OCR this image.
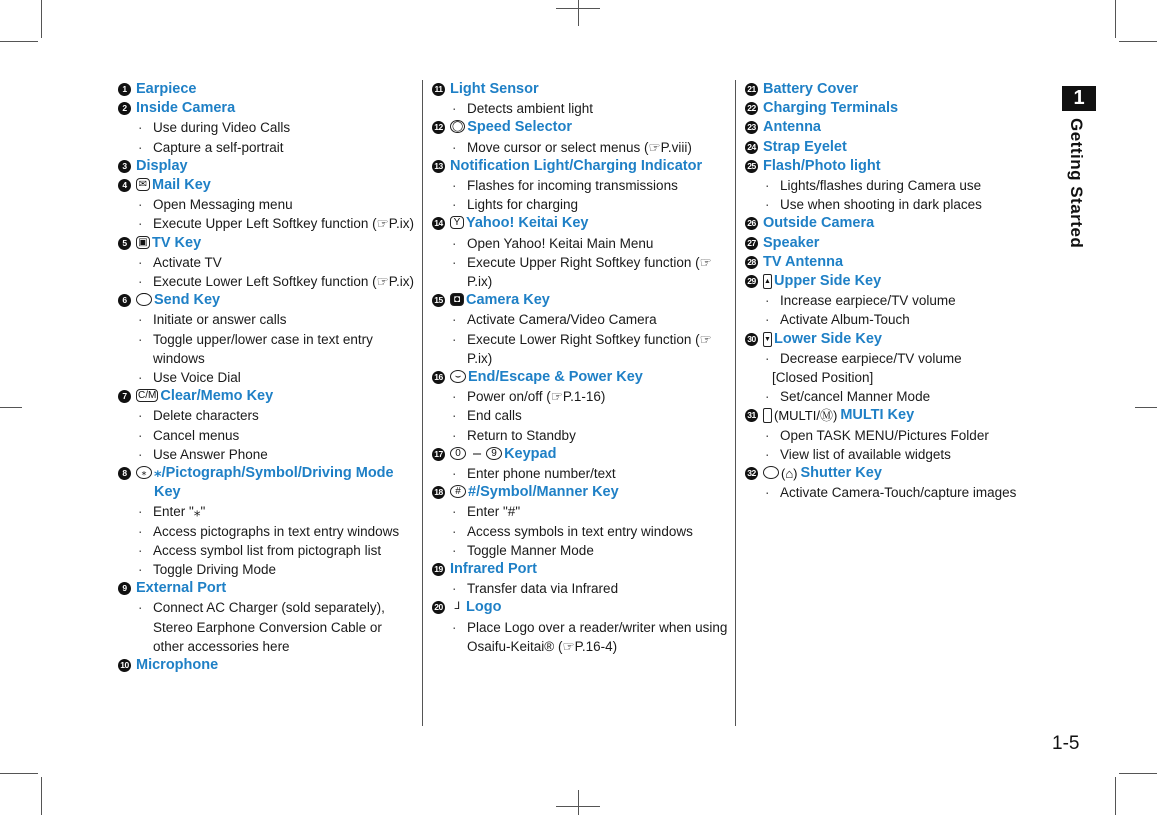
1 Earpiece
2 Inside Camera
· Use during Video Calls
· Capture a self-portrait
3 Display
4	✉ Mail Key
· Open Messaging menu
· Execute Upper Left Softkey function (☞P.ix)
5	▣ TV Key
· Activate TV
· Execute Lower Left Softkey function (☞P.ix)
6	⌒ Send Key
· Initiate or answer calls
· Toggle upper/lower case in text entry windows
· Use Voice Dial
7	C/M Clear/Memo Key
· Delete characters
· Cancel menus
· Use Answer Phone
8	⁎ ⁎/Pictograph/Symbol/Driving Mode Key
· Enter "⁎"
· Access pictographs in text entry windows
· Access symbol list from pictograph list
· Toggle Driving Mode
9 External Port
· Connect AC Charger (sold separately), Stereo Earphone Conversion Cable or other accessories here
10 Microphone
11 Light Sensor
· Detects ambient light
12 ◯ Speed Selector
· Move cursor or select menus (☞P.viii)
13 Notification Light/Charging Indicator
· Flashes for incoming transmissions
· Lights for charging
14	Y Yahoo! Keitai Key
· Open Yahoo! Keitai Main Menu
· Execute Upper Right Softkey function (☞P.ix)
15	◘ Camera Key
· Activate Camera/Video Camera
· Execute Lower Right Softkey function (☞P.ix)
16	⌣ End/Escape & Power Key
· Power on/off (☞P.1-16)
· End calls
· Return to Standby
17	0 –	9 Keypad
· Enter phone number/text
18	# #/Symbol/Manner Key
· Enter "#"
· Access symbols in text entry windows
· Toggle Manner Mode
19 Infrared Port
· Transfer data via Infrared
20	ᒧ Logo
· Place Logo over a reader/writer when using Osaifu-Keitai® (☞P.16-4)
21 Battery Cover
22 Charging Terminals
23 Antenna
24 Strap Eyelet
25 Flash/Photo light
· Lights/flashes during Camera use
· Use when shooting in dark places
26 Outside Camera
27 Speaker
28 TV Antenna
29	▲ Upper Side Key
· Increase earpiece/TV volume
· Activate Album-Touch
30	▼ Lower Side Key
· Decrease earpiece/TV volume
[Closed Position]
· Set/cancel Manner Mode
31 (MULTI/Ⓜ) MULTI Key
· Open TASK MENU/Pictures Folder
· View list of available widgets
32 (⌂) Shutter Key
· Activate Camera-Touch/capture images
1
Getting Started
1-5
